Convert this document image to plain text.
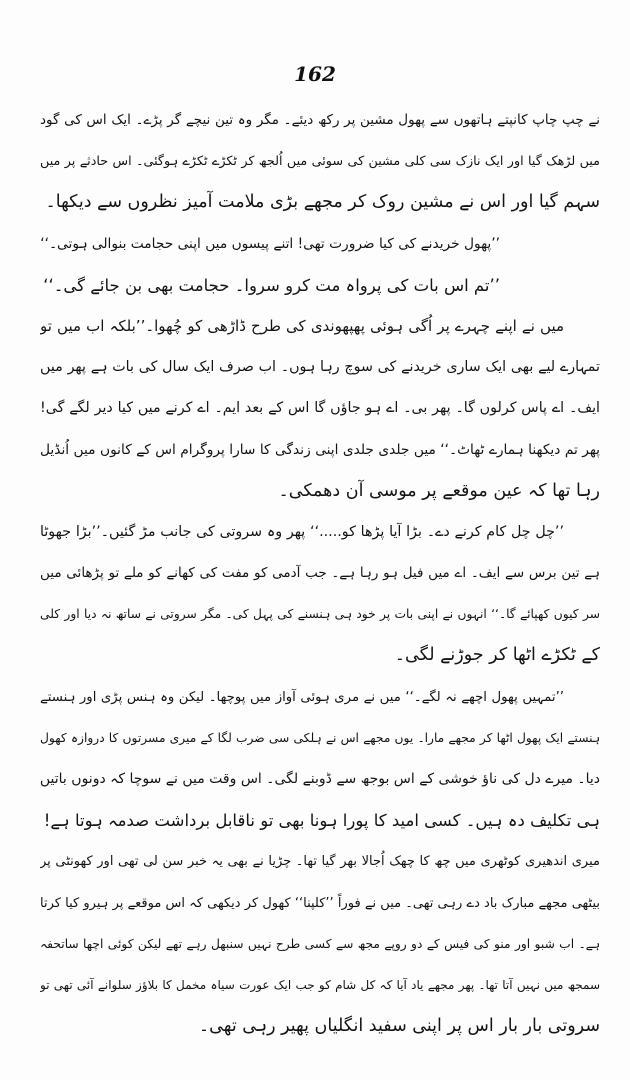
162
نے چپ چاپ کانپتے ہاتھوں سے پھول مشین پر رکھ دیئے۔ مگر وہ تین نیچے گر پڑے۔ ایک اس کی گود
میں لڑھک گیا اور ایک نازک سی کلی مشین کی سوئی میں اُلجھ کر ٹکڑے ٹکڑے ہوگئی۔ اس حادثے پر میں
سہم گیا اور اس نے مشین روک کر مجھے بڑی ملامت آمیز نظروں سے دیکھا۔
’’پھول خریدنے کی کیا ضرورت تھی! اتنے پیسوں میں اپنی حجامت بنوالی ہوتی۔‘‘
’’تم اس بات کی پرواہ مت کرو سروا۔ حجامت بھی بن جائے گی۔‘‘
میں نے اپنے چہرے پر اُگی ہوئی پھپھوندی کی طرح ڈاڑھی کو چُھوا۔’’بلکہ اب میں تو
تمہارے لیے بھی ایک ساری خریدنے کی سوچ رہا ہوں۔ اب صرف ایک سال کی بات ہے پھر میں
ایف۔ اے پاس کرلوں گا۔ پھر بی۔ اے ہو جاؤں گا اس کے بعد ایم۔ اے کرنے میں کیا دیر لگے گی!
پھر تم دیکھنا ہمارے ٹھاٹ۔‘‘ میں جلدی جلدی اپنی زندگی کا سارا پروگرام اس کے کانوں میں اُنڈیل
رہا تھا کہ عین موقعے پر موسی آن دھمکی۔
’’چل چل کام کرنے دے۔ بڑا آیا پڑھا کو.....‘‘ پھر وہ سروتی کی جانب مڑ گئیں۔’’بڑا جھوٹا
ہے تین برس سے ایف۔ اے میں فیل ہو رہا ہے۔ جب آدمی کو مفت کی کھانے کو ملے تو پڑھائی میں
سر کیوں کھپائے گا۔‘‘ انہوں نے اپنی بات پر خود ہی ہنسنے کی پہل کی۔ مگر سروتی نے ساتھ نہ دیا اور کلی
کے ٹکڑے اٹھا کر جوڑنے لگی۔
’’تمہیں پھول اچھے نہ لگے۔‘‘ میں نے مری ہوئی آواز میں پوچھا۔ لیکن وہ ہنس پڑی اور ہنستے
ہنستے ایک پھول اٹھا کر مجھے مارا۔ یوں مجھے اس نے ہلکی سی ضرب لگا کے میری مسرتوں کا دروازہ کھول
دیا۔ میرے دل کی ناؤ خوشی کے اس بوجھ سے ڈوبنے لگی۔ اس وقت میں نے سوچا کہ دونوں باتیں
ہی تکلیف دہ ہیں۔ کسی امید کا پورا ہونا بھی تو ناقابل برداشت صدمہ ہوتا ہے!
میری اندھیری کوٹھری میں چھ کا چھک اُجالا بھر گیا تھا۔ چڑیا نے بھی یہ خبر سن لی تھی اور کھونٹی پر
بیٹھی مجھے مبارک باد دے رہی تھی۔ میں نے فوراً ’’کلپنا‘‘ کھول کر دیکھی کہ اس موقعے پر ہیرو کیا کرتا
ہے۔ اب شبو اور منو کی فیس کے دو روپے مجھ سے کسی طرح نہیں سنبھل رہے تھے لیکن کوئی اچھا ساتحفہ
سمجھ میں نہیں آتا تھا۔ پھر مجھے یاد آیا کہ کل شام کو جب ایک عورت سیاہ مخمل کا بلاؤز سلوانے آئی تھی تو
سروتی بار بار اس پر اپنی سفید انگلیاں پھیر رہی تھی۔
